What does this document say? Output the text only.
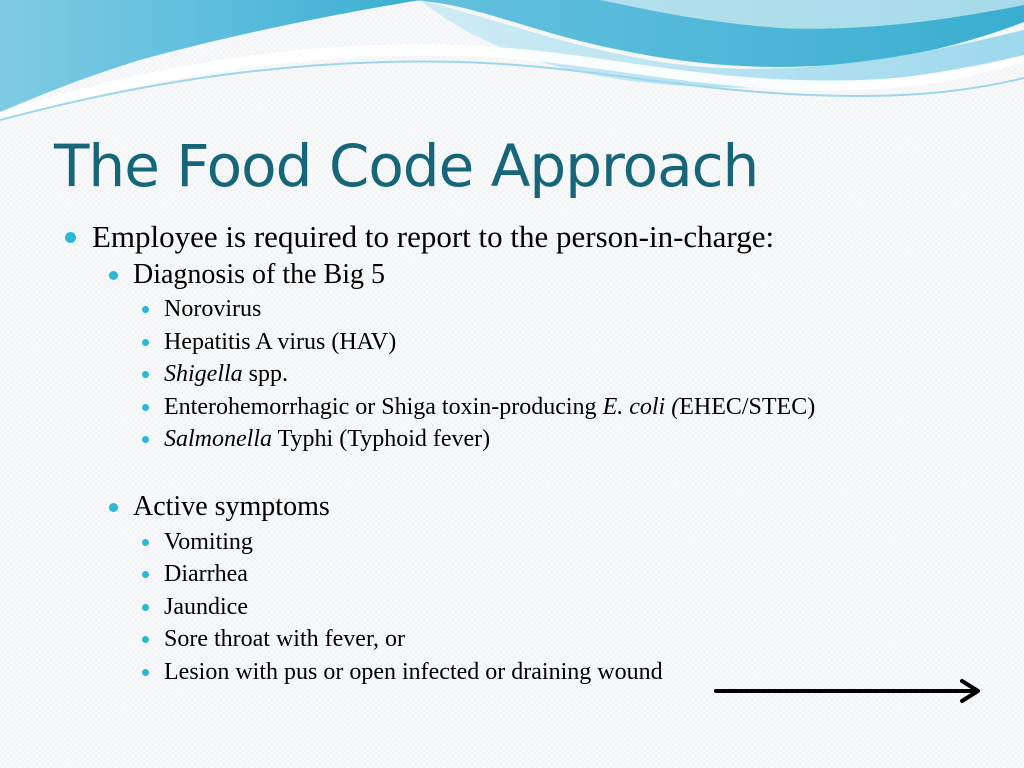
The Food Code Approach
Employee is required to report to the person-in-charge:
Diagnosis of the Big 5
Norovirus
Hepatitis A virus (HAV)
Shigella spp.
Enterohemorrhagic or Shiga toxin-producing E. coli (EHEC/STEC)
Salmonella Typhi (Typhoid fever)
Active symptoms
Vomiting
Diarrhea
Jaundice
Sore throat with fever, or
Lesion with pus or open infected or draining wound
